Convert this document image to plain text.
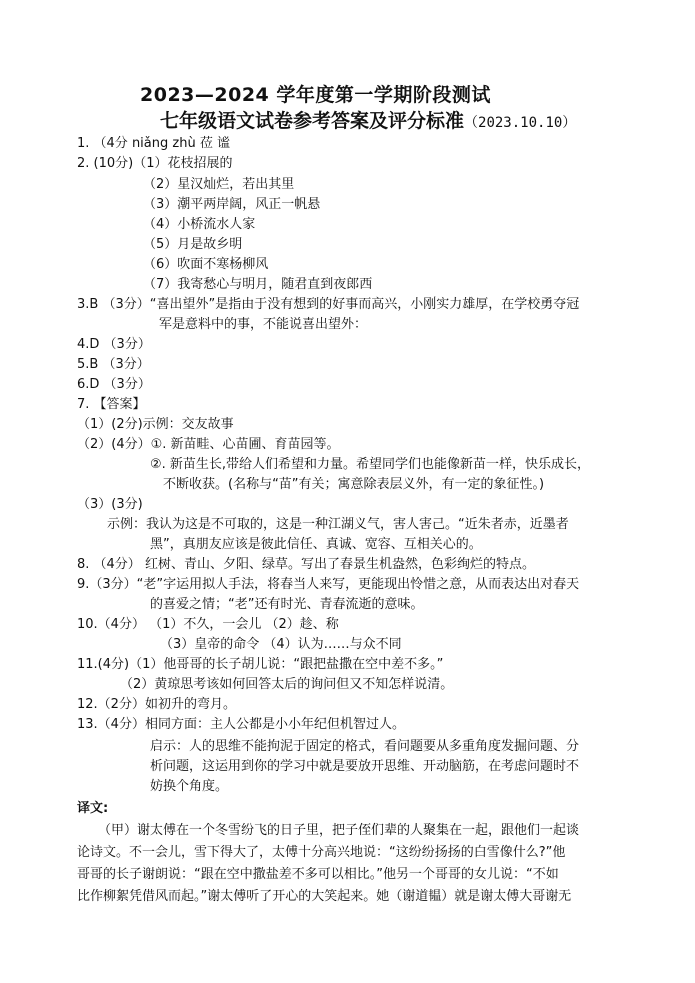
2023—2024 学年度第一学期阶段测试
七年级语文试卷参考答案及评分标准（2023.10.10）
1. （4分 niǎng zhù 莅 谧
2. (10分)（1）花枝招展的
（2）星汉灿烂，若出其里
（3）潮平两岸阔，风正一帆悬
（4）小桥流水人家
（5）月是故乡明
（6）吹面不寒杨柳风
（7）我寄愁心与明月，随君直到夜郎西
3.B （3分）“喜出望外”是指由于没有想到的好事而高兴，小刚实力雄厚，在学校勇夺冠
军是意料中的事，不能说喜出望外：
4.D （3分）
5.B （3分）
6.D （3分）
7. 【答案】
（1）(2分)示例：交友故事
（2）(4分）①. 新苗畦、心苗圃、育苗园等。
②. 新苗生长,带给人们希望和力量。希望同学们也能像新苗一样，快乐成长，
不断收获。(名称与“苗”有关；寓意除表层义外，有一定的象征性。)
（3）(3分)
示例：我认为这是不可取的，这是一种江湖义气，害人害己。“近朱者赤，近墨者
黑”，真朋友应该是彼此信任、真诚、宽容、互相关心的。
8. （4分） 红树、青山、夕阳、绿草。写出了春景生机盎然，色彩绚烂的特点。
9.（3分）“老”字运用拟人手法，将春当人来写，更能现出怜惜之意，从而表达出对春天
的喜爱之情；“老”还有时光、青春流逝的意味。
10.（4分） （1）不久，一会儿 （2）趁、称
（3）皇帝的命令 （4）认为……与众不同
11.(4分)（1）他哥哥的长子胡儿说：“跟把盐撒在空中差不多。”
（2）黄琼思考该如何回答太后的询问但又不知怎样说清。
12.（2分）如初升的弯月。
13.（4分）相同方面：主人公都是小小年纪但机智过人。
启示：人的思维不能拘泥于固定的格式，看问题要从多重角度发掘问题、分
析问题，这运用到你的学习中就是要放开思维、开动脑筋，在考虑问题时不
妨换个角度。
译文:
（甲）谢太傅在一个冬雪纷飞的日子里，把子侄们辈的人聚集在一起，跟他们一起谈
论诗文。不一会儿，雪下得大了，太傅十分高兴地说：“这纷纷扬扬的白雪像什么?”他
哥哥的长子谢朗说：“跟在空中撒盐差不多可以相比。”他另一个哥哥的女儿说：“不如
比作柳絮凭借风而起。”谢太傅听了开心的大笑起来。她（谢道韫）就是谢太傅大哥谢无
